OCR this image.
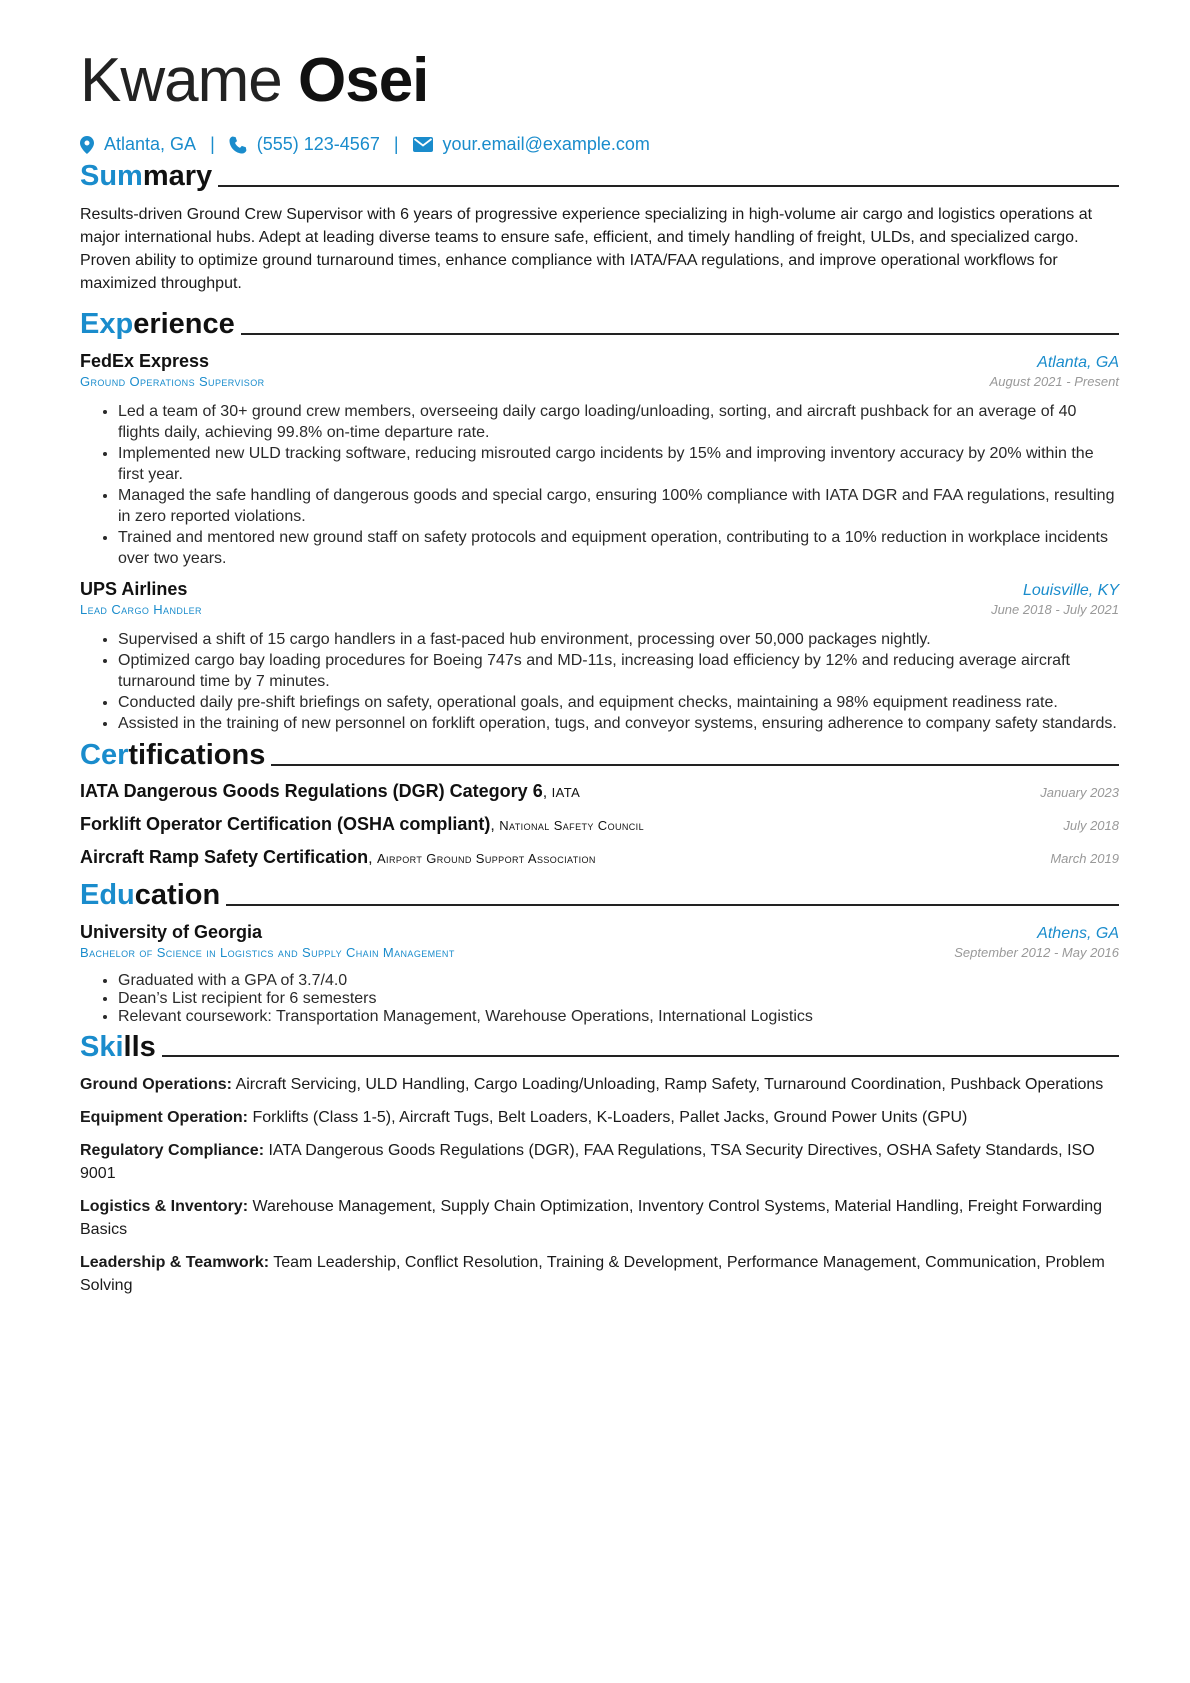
Kwame Osei
Atlanta, GA | (555) 123-4567 | your.email@example.com
Summary
Results-driven Ground Crew Supervisor with 6 years of progressive experience specializing in high-volume air cargo and logistics operations at major international hubs. Adept at leading diverse teams to ensure safe, efficient, and timely handling of freight, ULDs, and specialized cargo. Proven ability to optimize ground turnaround times, enhance compliance with IATA/FAA regulations, and improve operational workflows for maximized throughput.
Experience
FedEx Express	Atlanta, GA
Ground Operations Supervisor	August 2021 - Present
• Led a team of 30+ ground crew members, overseeing daily cargo loading/unloading, sorting, and aircraft pushback for an average of 40 flights daily, achieving 99.8% on-time departure rate.
• Implemented new ULD tracking software, reducing misrouted cargo incidents by 15% and improving inventory accuracy by 20% within the first year.
• Managed the safe handling of dangerous goods and special cargo, ensuring 100% compliance with IATA DGR and FAA regulations, resulting in zero reported violations.
• Trained and mentored new ground staff on safety protocols and equipment operation, contributing to a 10% reduction in workplace incidents over two years.
UPS Airlines	Louisville, KY
Lead Cargo Handler	June 2018 - July 2021
• Supervised a shift of 15 cargo handlers in a fast-paced hub environment, processing over 50,000 packages nightly.
• Optimized cargo bay loading procedures for Boeing 747s and MD-11s, increasing load efficiency by 12% and reducing average aircraft turnaround time by 7 minutes.
• Conducted daily pre-shift briefings on safety, operational goals, and equipment checks, maintaining a 98% equipment readiness rate.
• Assisted in the training of new personnel on forklift operation, tugs, and conveyor systems, ensuring adherence to company safety standards.
Certifications
IATA Dangerous Goods Regulations (DGR) Category 6, IATA	January 2023
Forklift Operator Certification (OSHA compliant), National Safety Council	July 2018
Aircraft Ramp Safety Certification, Airport Ground Support Association	March 2019
Education
University of Georgia	Athens, GA
Bachelor of Science in Logistics and Supply Chain Management	September 2012 - May 2016
• Graduated with a GPA of 3.7/4.0
• Dean’s List recipient for 6 semesters
• Relevant coursework: Transportation Management, Warehouse Operations, International Logistics
Skills
Ground Operations: Aircraft Servicing, ULD Handling, Cargo Loading/Unloading, Ramp Safety, Turnaround Coordination, Pushback Operations
Equipment Operation: Forklifts (Class 1-5), Aircraft Tugs, Belt Loaders, K-Loaders, Pallet Jacks, Ground Power Units (GPU)
Regulatory Compliance: IATA Dangerous Goods Regulations (DGR), FAA Regulations, TSA Security Directives, OSHA Safety Standards, ISO 9001
Logistics & Inventory: Warehouse Management, Supply Chain Optimization, Inventory Control Systems, Material Handling, Freight Forwarding Basics
Leadership & Teamwork: Team Leadership, Conflict Resolution, Training & Development, Performance Management, Communication, Problem Solving
